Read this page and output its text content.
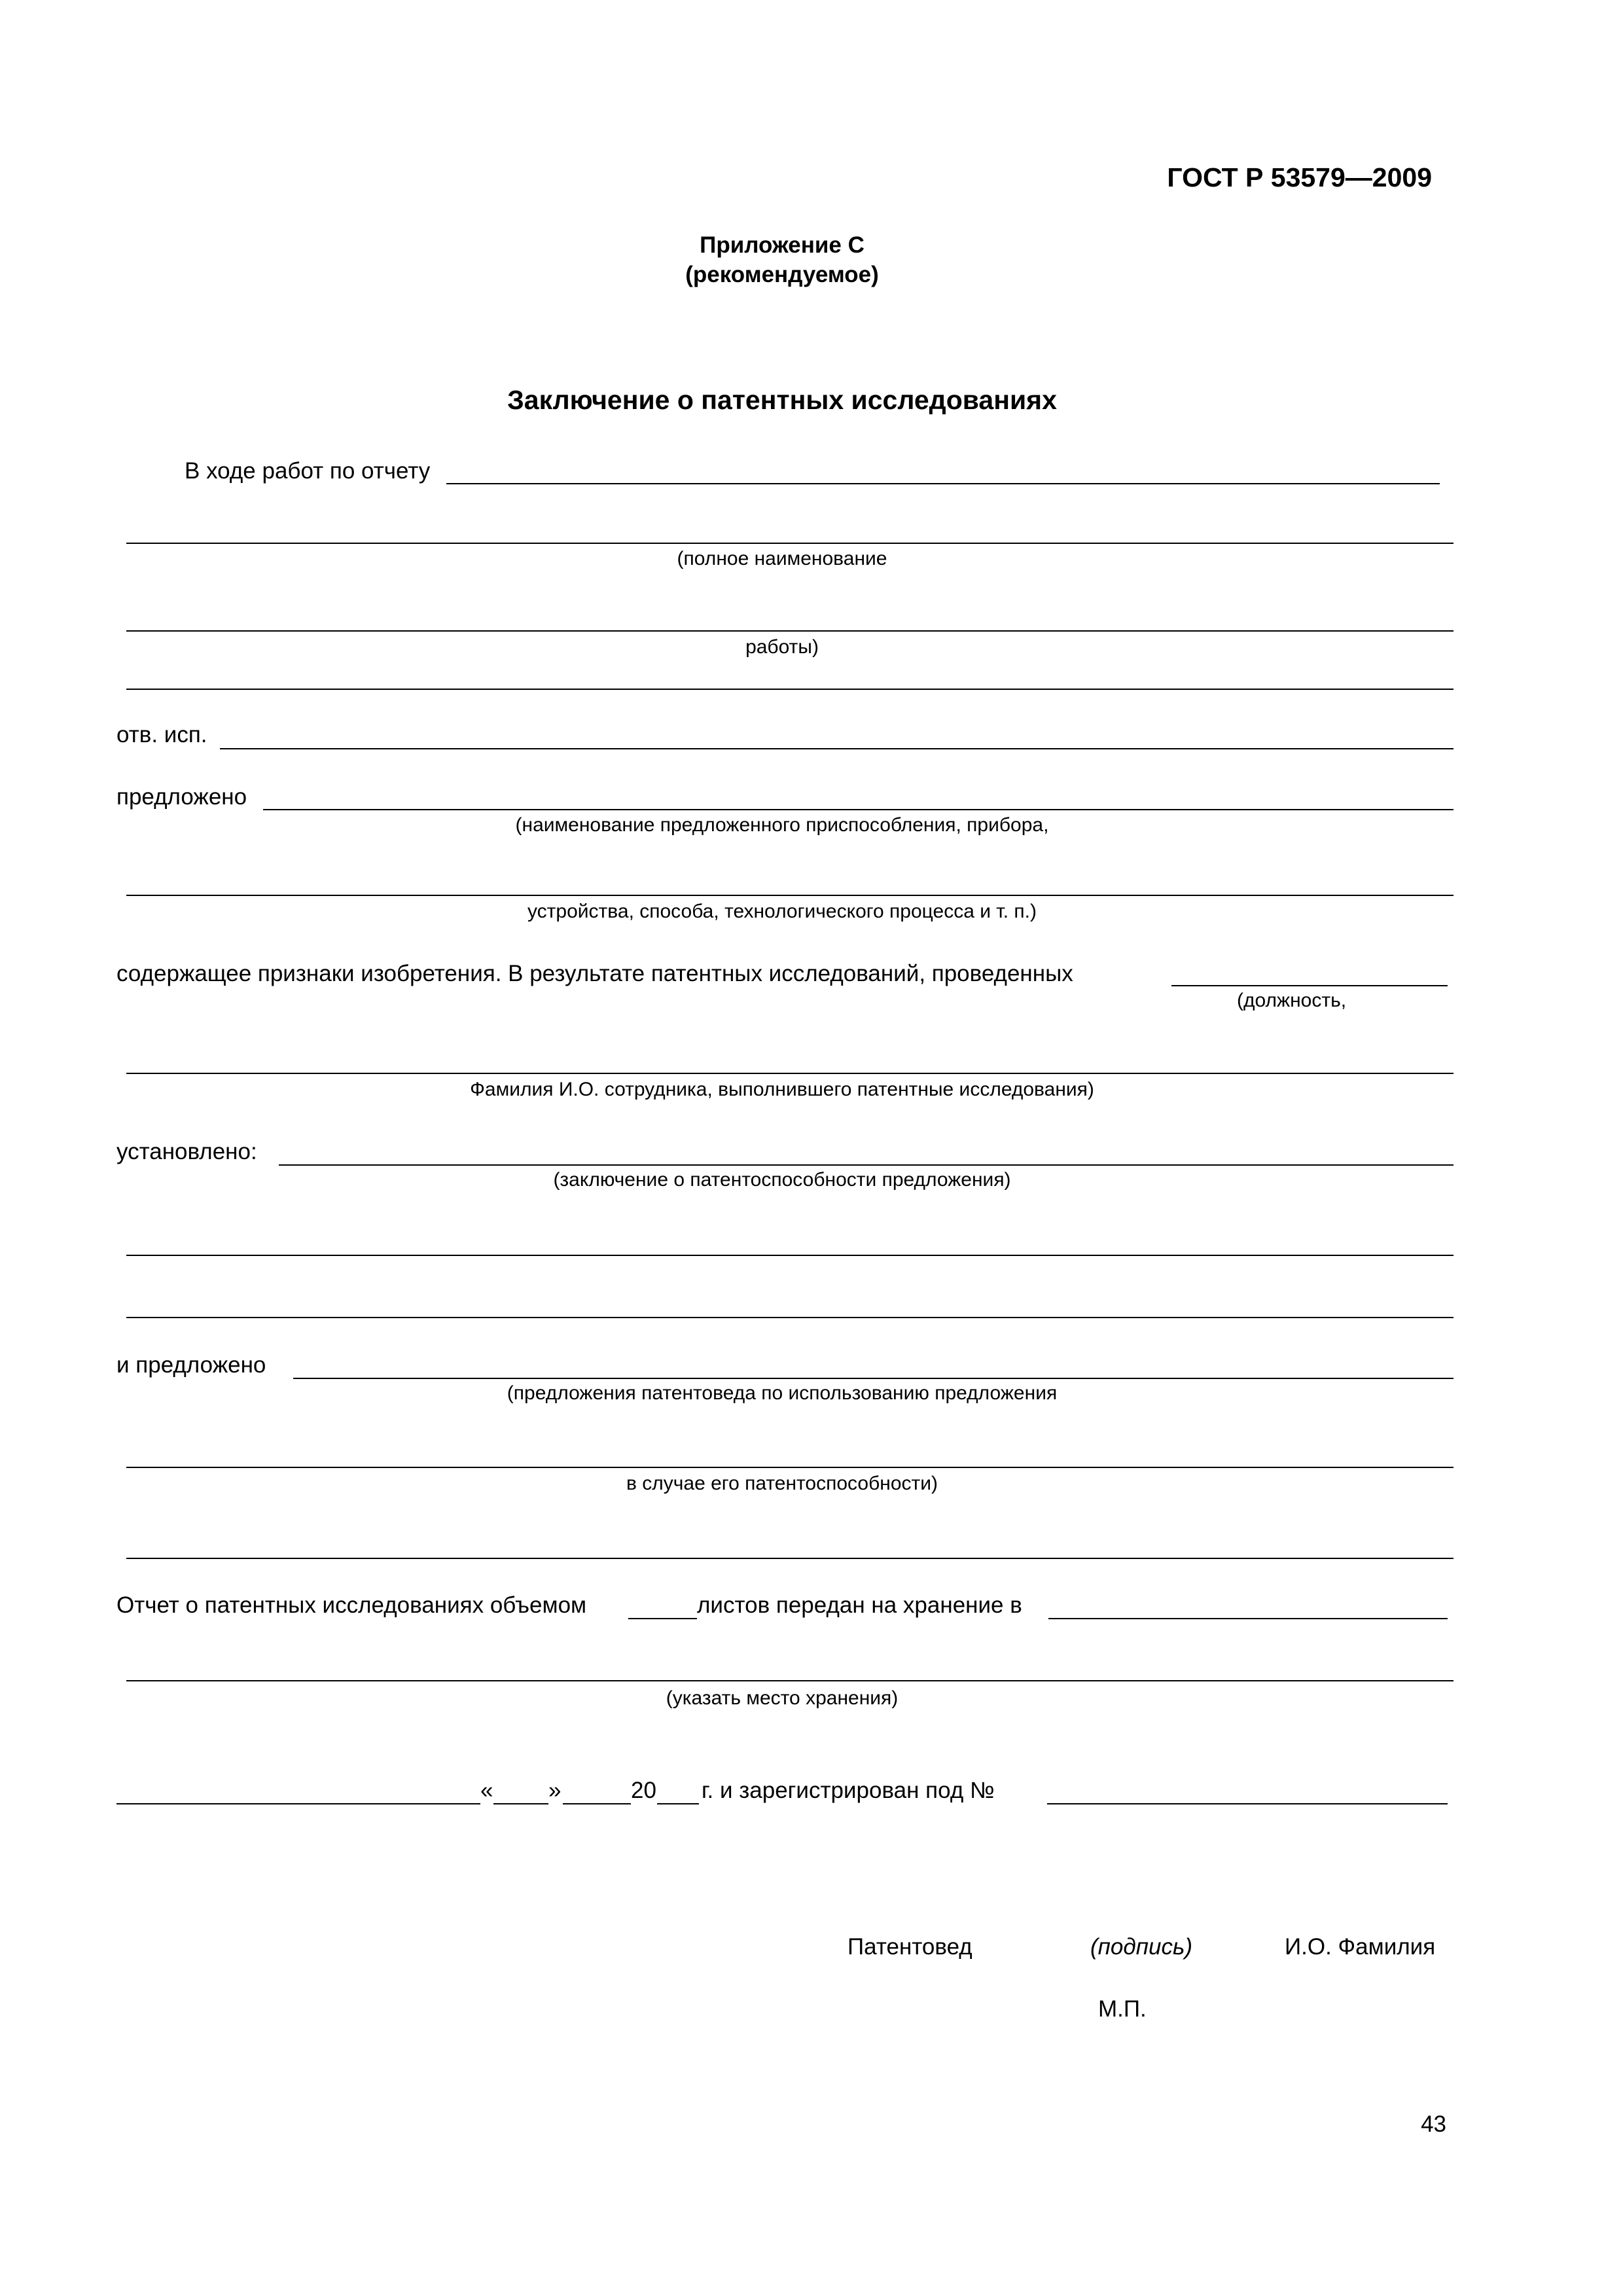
ГОСТ Р 53579—2009
Приложение С
(рекомендуемое)
Заключение о патентных исследованиях
В ходе работ по отчету
(полное наименование
работы)
отв. исп.
предложено
(наименование предложенного приспособления, прибора,
устройства, способа, технологического процесса и т. п.)
содержащее признаки изобретения. В результате патентных исследований, проведенных
(должность,
Фамилия И.О. сотрудника, выполнившего патентные исследования)
установлено:
(заключение о патентоспособности предложения)
и предложено
(предложения патентоведа по использованию предложения
в случае его патентоспособности)
Отчет о патентных исследованиях объемом	листов передан на хранение в
(указать место хранения)
« »	20 г. и зарегистрирован под №
Патентовед	(подпись)	И.О. Фамилия
М.П.
43
